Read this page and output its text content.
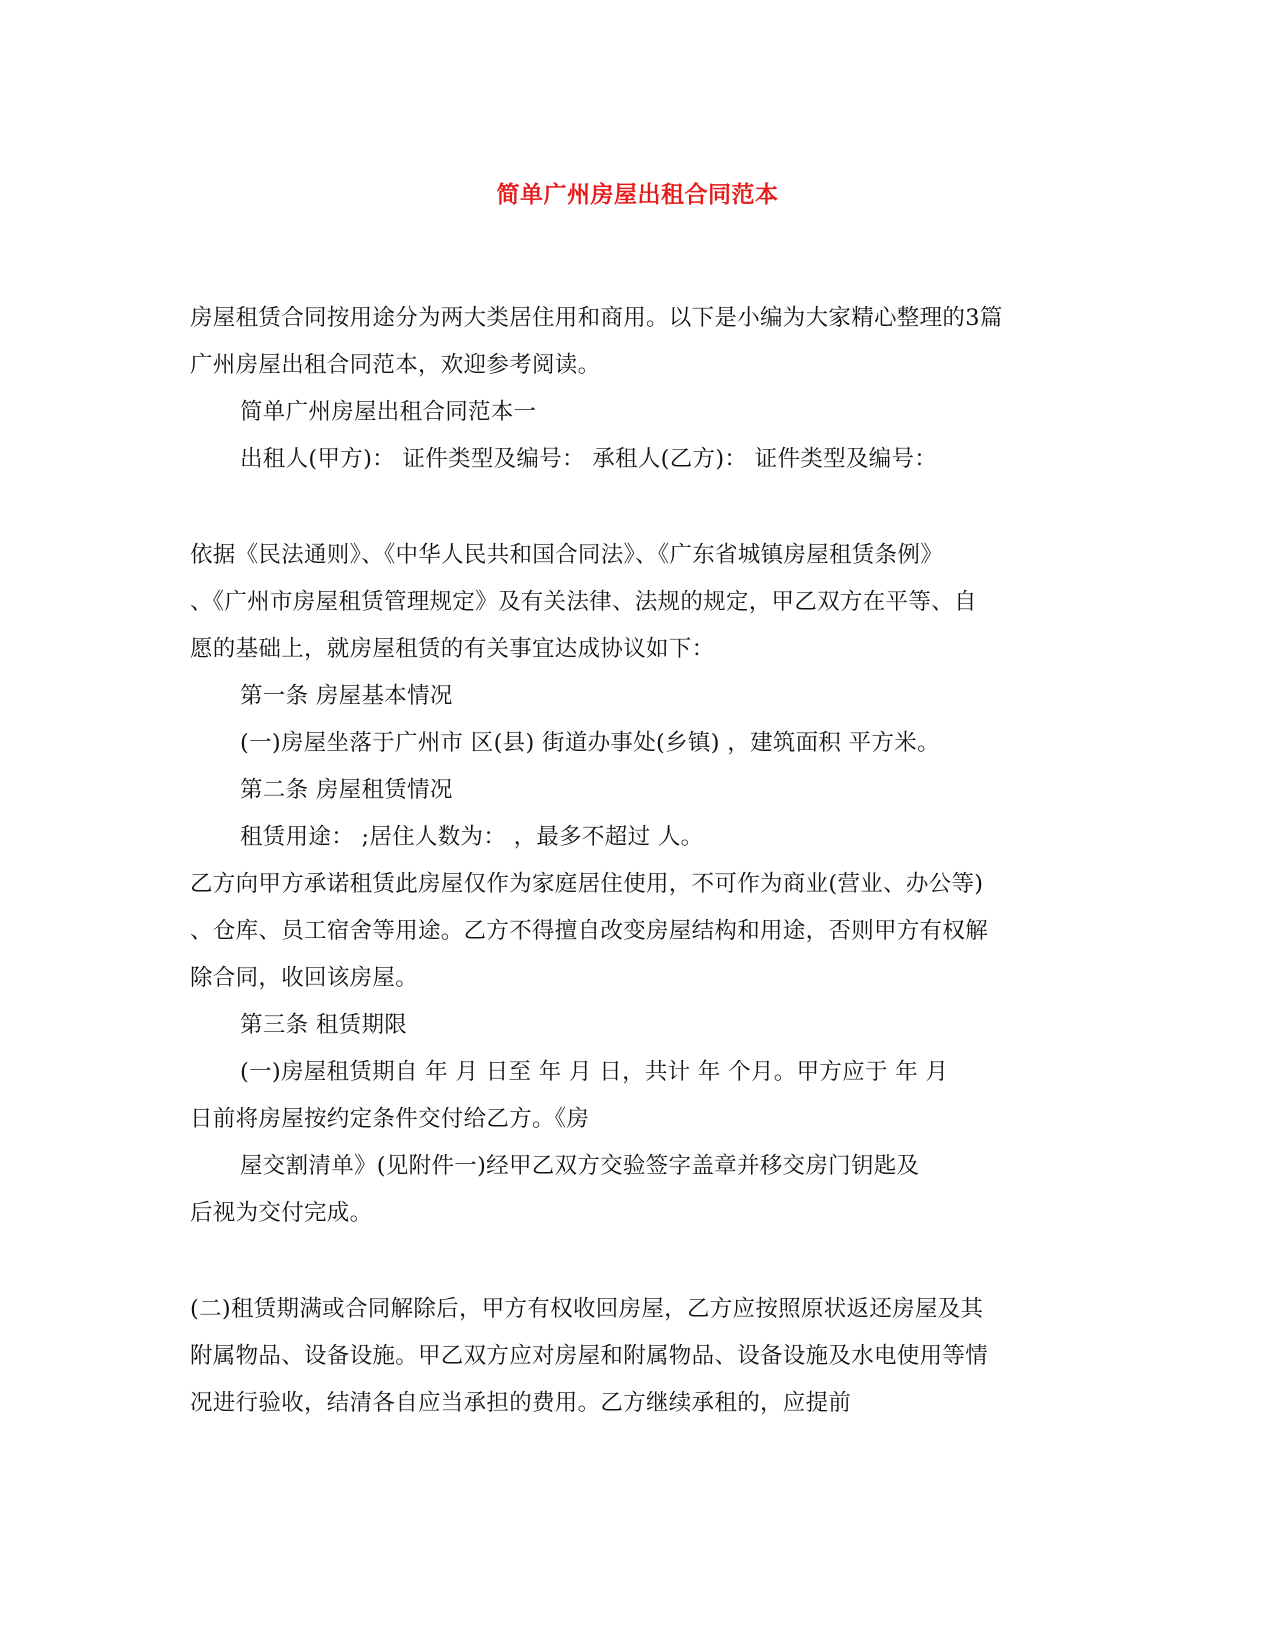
简单广州房屋出租合同范本
房屋租赁合同按用途分为两大类居住用和商用。以下是小编为大家精心整理的3篇
广州房屋出租合同范本，欢迎参考阅读。
简单广州房屋出租合同范本一
出租人(甲方)： 证件类型及编号： 承租人(乙方)： 证件类型及编号：
依据《民法通则》、《中华人民共和国合同法》、《广东省城镇房屋租赁条例》
、《广州市房屋租赁管理规定》及有关法律、法规的规定，甲乙双方在平等、自
愿的基础上，就房屋租赁的有关事宜达成协议如下：
第一条 房屋基本情况
(一)房屋坐落于广州市 区(县) 街道办事处(乡镇) ，建筑面积 平方米。
第二条 房屋租赁情况
租赁用途： ;居住人数为： ，最多不超过 人。
乙方向甲方承诺租赁此房屋仅作为家庭居住使用，不可作为商业(营业、办公等)
、仓库、员工宿舍等用途。乙方不得擅自改变房屋结构和用途，否则甲方有权解
除合同，收回该房屋。
第三条 租赁期限
(一)房屋租赁期自 年 月 日至 年 月 日，共计 年 个月。甲方应于 年 月
日前将房屋按约定条件交付给乙方。《房
屋交割清单》(见附件一)经甲乙双方交验签字盖章并移交房门钥匙及
后视为交付完成。
(二)租赁期满或合同解除后，甲方有权收回房屋，乙方应按照原状返还房屋及其
附属物品、设备设施。甲乙双方应对房屋和附属物品、设备设施及水电使用等情
况进行验收，结清各自应当承担的费用。乙方继续承租的，应提前
